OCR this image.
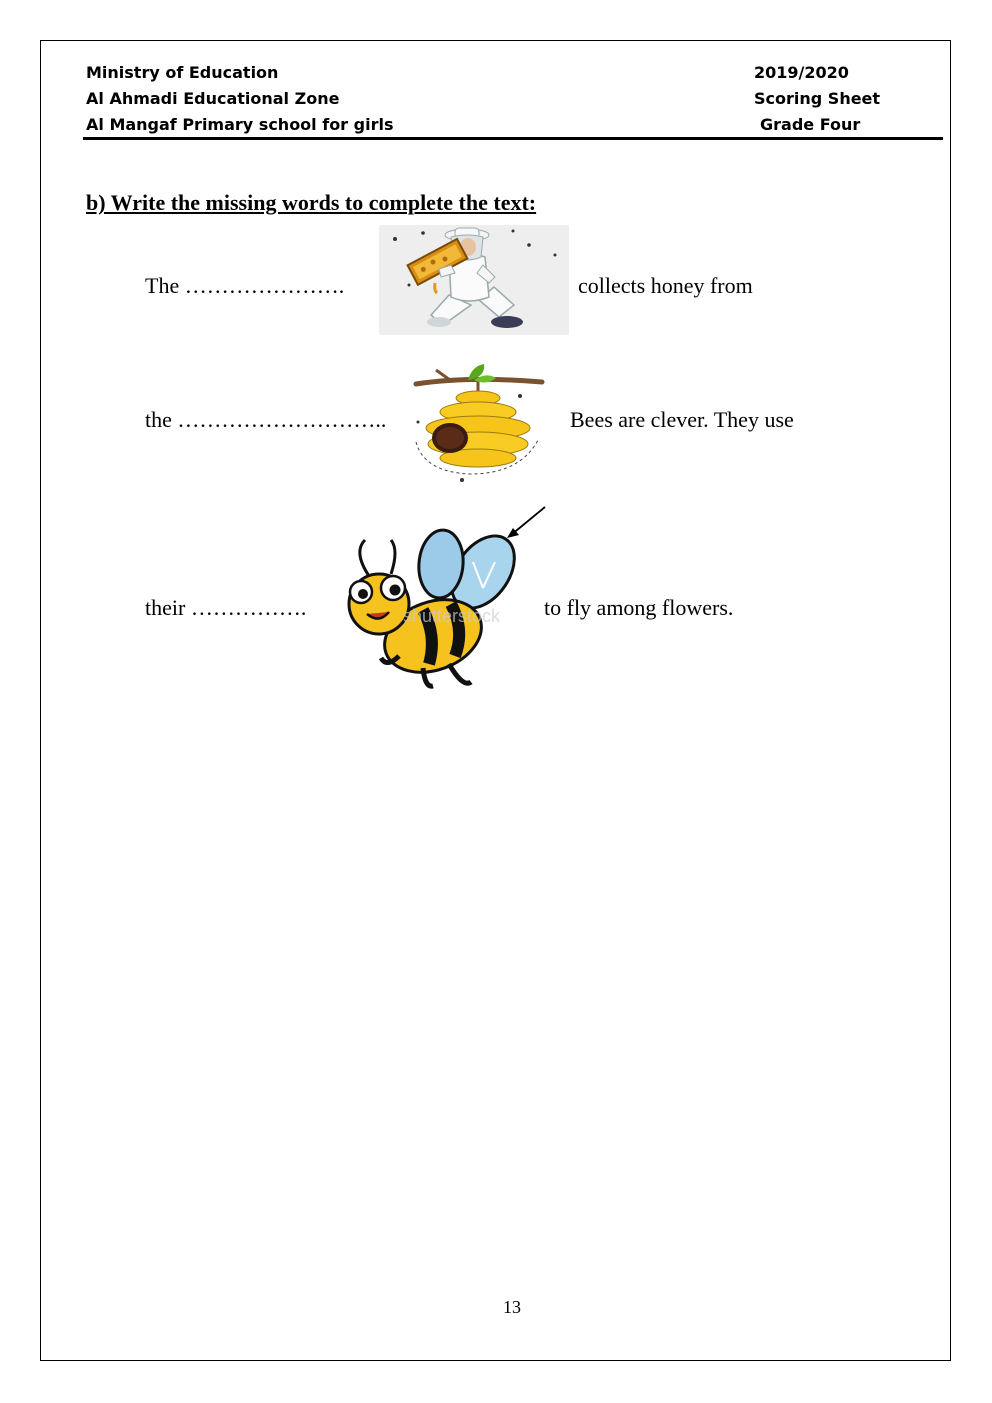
Ministry of Education
Al Ahmadi Educational Zone
Al Mangaf Primary school for girls
2019/2020
Scoring Sheet
Grade Four
b) Write the missing words to complete the text:
The ………………….	collects honey from
the ………………………..	Bees are clever. They use
their …………….	shutterstock to fly among flowers.
13
